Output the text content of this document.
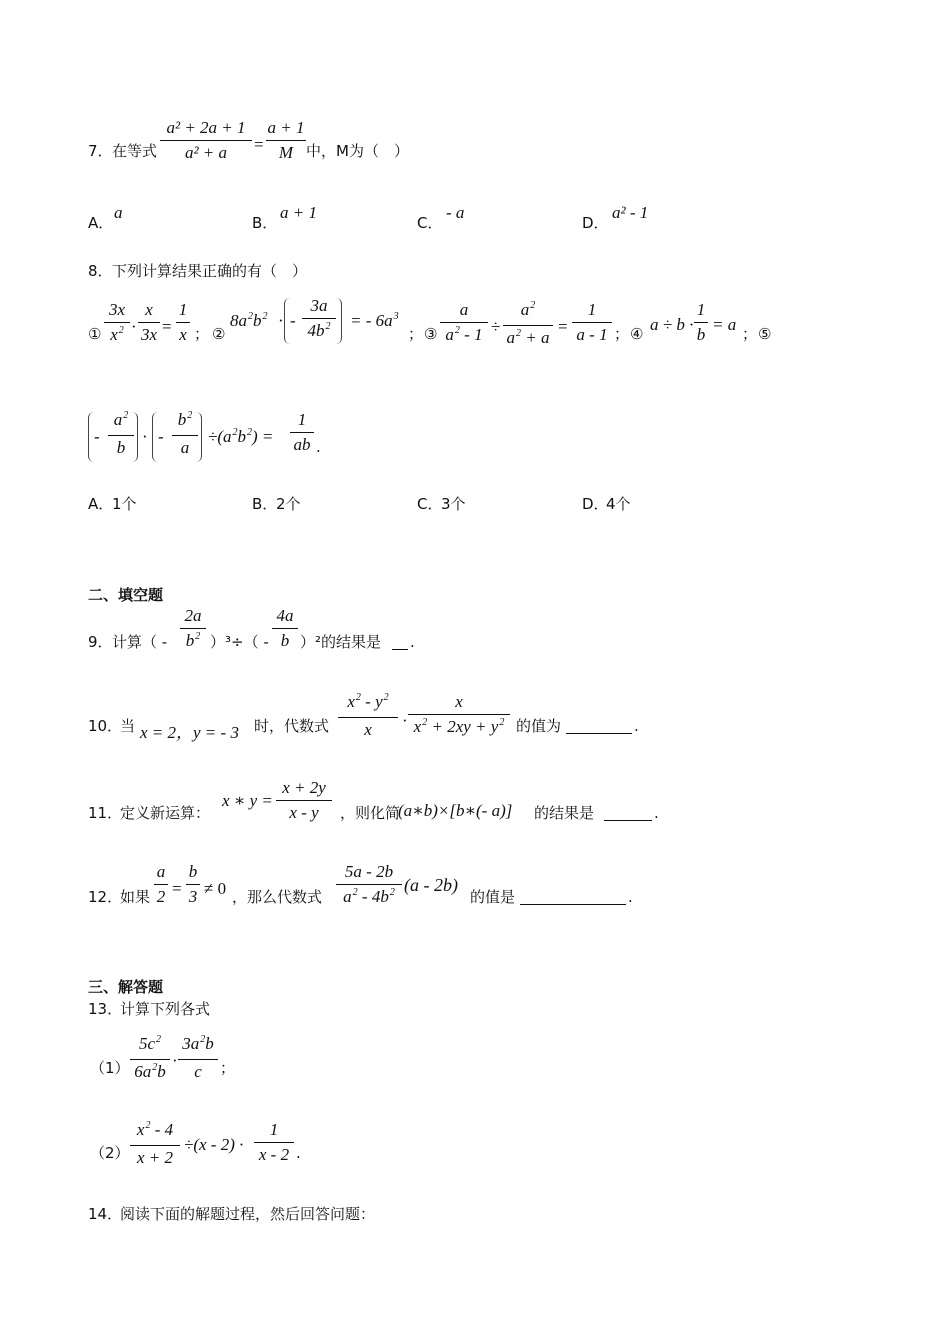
7． 在等式
a² + 2a + 1
a² + a	=
a + 1
M 中，M为（　）
A．
a
B．
a + 1
C．
- a
D．
a² - 1
8． 下列计算结果正确的有（　）
①
3x
$x^2$ ·
x
3x =
1
x ； ②
$8a^2b^2$ · -
3a
$4b^2$	= - $6a^3$
； ③
a
$a^2 - 1$ ÷
$a^2$
$a^2 + a$
=
1
a - 1 ； ④ a ÷ b ·
1
b
= a ； ⑤
-
$a^2$
b
· -
$b^2$
a
$\div(a^2b^2)$ =
1
ab .
A．
1个	B．
2个	C．
3个	D．
4个
二、填空题
9． 计算（ -
2a
$b^2$ ）³÷（ -
4a
b ）²的结果是 .
10．
当 x = 2，y = - 3 时，代数式
$x^2 - y^2$
x	·
x
$x^2 + 2xy + y^2$ 的值为	.
11．
定义新运算：
x ∗ y =
x + 2y
x - y	，则化简
(a∗b)×[b∗(- a)] 的结果是	.
12．
如果
a
2 =
b
3 ≠ 0 ，那么代数式
5a - 2b
$a^2 - 4b^2$ (a - 2b)
的值是	.
三、解答题
13．
计算下列各式
（1）
$5c^2$
$6a^2b$
·
$3a^2b$
c	；
（2）
$x^2 - 4$
x + 2
÷(x - 2) ·
1
x - 2 .
14．
阅读下面的解题过程，然后回答问题：
